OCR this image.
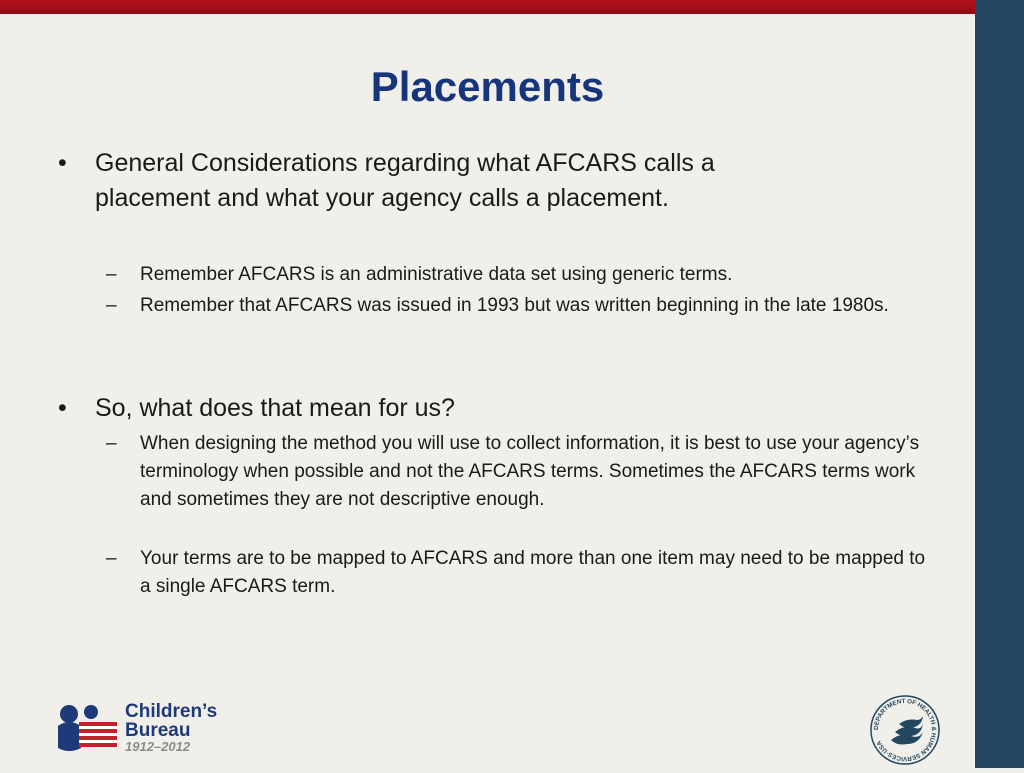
Placements
• General Considerations regarding what AFCARS calls a placement and what your agency calls a placement.
– Remember AFCARS is an administrative data set using generic terms.
– Remember that AFCARS was issued in 1993 but was written beginning in the late 1980s.
• So, what does that mean for us?
– When designing the method you will use to collect information, it is best to use your agency’s terminology when possible and not the AFCARS terms. Sometimes the AFCARS terms work and sometimes they are not descriptive enough.
– Your terms are to be mapped to AFCARS and more than one item may need to be mapped to a single AFCARS term.
Children’s
Bureau
1912–2012
DEPARTMENT OF HEALTH & HUMAN SERVICES·USA
